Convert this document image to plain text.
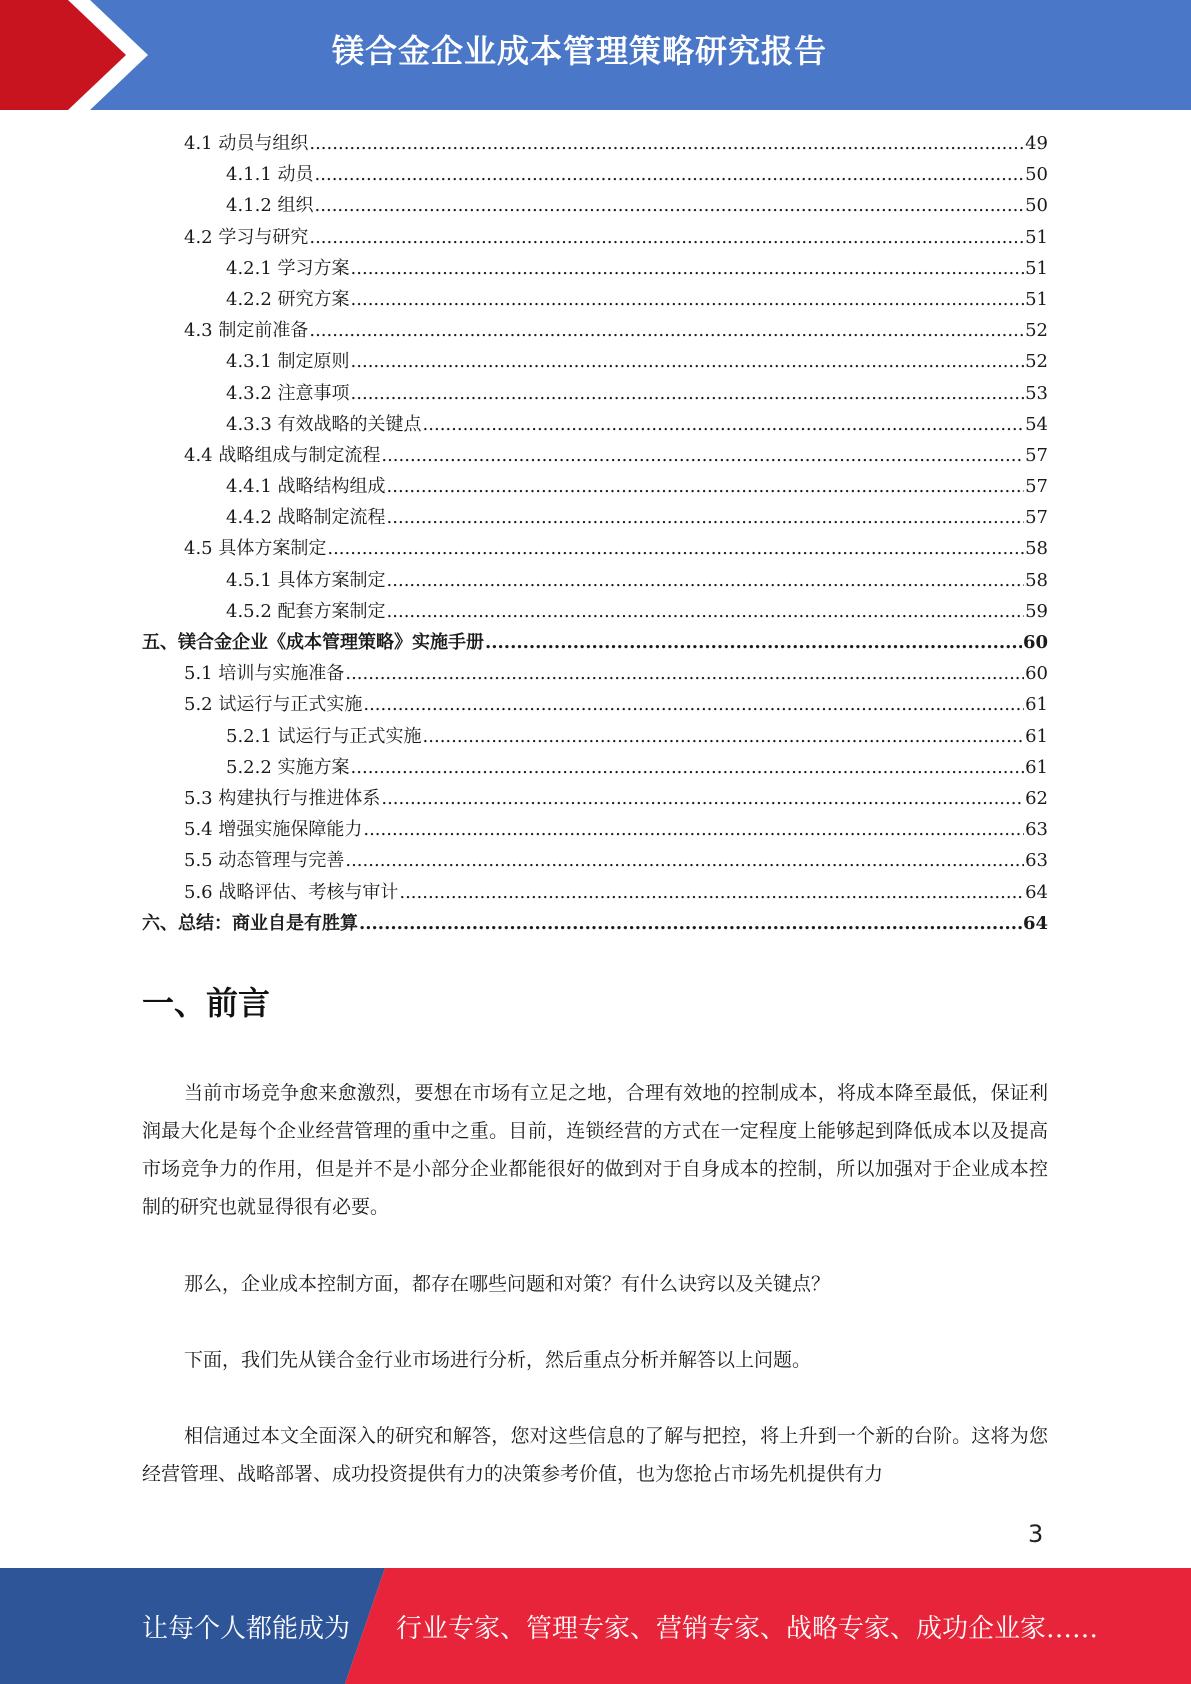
镁合金企业成本管理策略研究报告
4.1 动员与组织 .....	49
4.1.1 动员 .....	50
4.1.2 组织 .....	50
4.2 学习与研究 .....	51
4.2.1 学习方案 .....	51
4.2.2 研究方案 .....	51
4.3 制定前准备 .....	52
4.3.1 制定原则 .....	52
4.3.2 注意事项 .....	53
4.3.3 有效战略的关键点 .....	54
4.4 战略组成与制定流程 .....	57
4.4.1 战略结构组成 .....	57
4.4.2 战略制定流程 .....	57
4.5 具体方案制定 .....	58
4.5.1 具体方案制定 .....	58
4.5.2 配套方案制定 .....	59
五、镁合金企业《成本管理策略》实施手册 .....	60
5.1 培训与实施准备 .....	60
5.2 试运行与正式实施 .....	61
5.2.1 试运行与正式实施 .....	61
5.2.2 实施方案 .....	61
5.3 构建执行与推进体系 .....	62
5.4 增强实施保障能力 .....	63
5.5 动态管理与完善 .....	63
5.6 战略评估、考核与审计 .....	64
六、总结：商业自是有胜算 .....	64
一、前言

当前市场竞争愈来愈激烈，要想在市场有立足之地，合理有效地的控制成本，将成本降至最低，保证利润最大化是每个企业经营管理的重中之重。目前，连锁经营的方式在一定程度上能够起到降低成本以及提高市场竞争力的作用，但是并不是小部分企业都能很好的做到对于自身成本的控制，所以加强对于企业成本控制的研究也就显得很有必要。

那么，企业成本控制方面，都存在哪些问题和对策？有什么诀窍以及关键点？

下面，我们先从镁合金行业市场进行分析，然后重点分析并解答以上问题。

相信通过本文全面深入的研究和解答，您对这些信息的了解与把控，将上升到一个新的台阶。这将为您经营管理、战略部署、成功投资提供有力的决策参考价值，也为您抢占市场先机提供有力

3
让每个人都能成为 行业专家、管理专家、营销专家、战略专家、成功企业家……
